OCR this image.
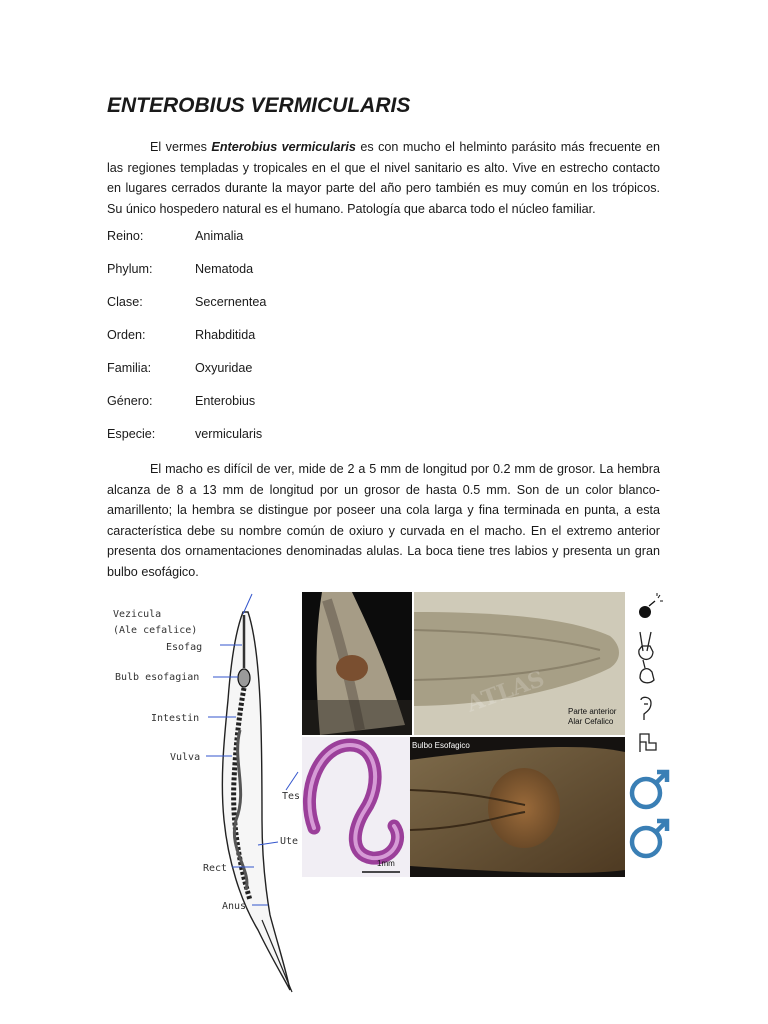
ENTEROBIUS VERMICULARIS

El vermes Enterobius vermicularis es con mucho el helminto parásito más frecuente en las regiones templadas y tropicales en el que el nivel sanitario es alto. Vive en estrecho contacto en lugares cerrados durante la mayor parte del año pero también es muy común en los trópicos. Su único hospedero natural es el humano. Patología que abarca todo el núcleo familiar.

Reino:	Animalia
Phylum:	Nematoda
Clase:	Secernentea
Orden:	Rhabditida
Familia:	Oxyuridae
Género:	Enterobius
Especie:	vermicularis

El macho es difícil de ver, mide de 2 a 5 mm de longitud por 0.2 mm de grosor. La hembra alcanza de 8 a 13 mm de longitud por un grosor de hasta 0.5 mm. Son de un color blanco-amarillento; la hembra se distingue por poseer una cola larga y fina terminada en punta, a esta característica debe su nombre común de oxiuro y curvada en el macho. En el extremo anterior presenta dos ornamentaciones denominadas alulas. La boca tiene tres labios y presenta un gran bulbo esofágico.

Vezicula
(Ale cefalice)
Esofag
Bulb esofagian
Intestin
Vulva
Tes
Ute
Rect
Anus
ATLAS	Parte anterior
Alar Cefalico
1mm
Bulbo Esofagico
